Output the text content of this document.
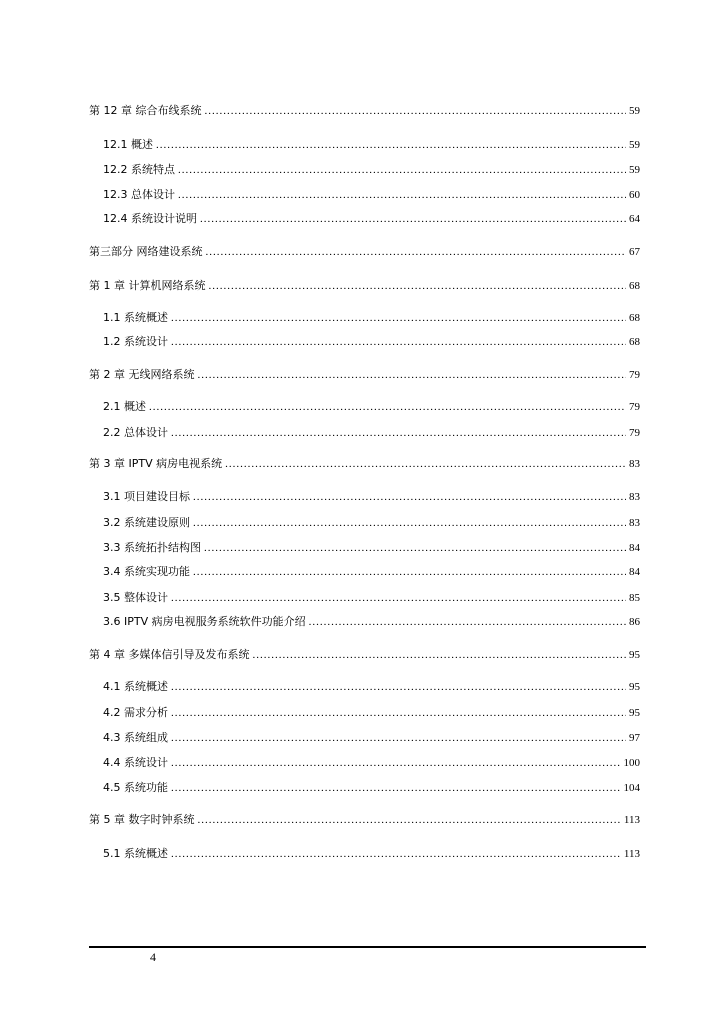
第 12 章 综合布线系统 .....	59
12.1 概述 .....	59
12.2 系统特点 .....	59
12.3 总体设计 .....	60
12.4 系统设计说明 .....	64
第三部分 网络建设系统 .....	67
第 1 章 计算机网络系统 .....	68
1.1 系统概述 .....	68
1.2 系统设计 .....	68
第 2 章 无线网络系统 .....	79
2.1 概述 .....	79
2.2 总体设计 .....	79
第 3 章 IPTV 病房电视系统 .....	83
3.1 项目建设目标 .....	83
3.2 系统建设原则 .....	83
3.3 系统拓扑结构图 .....	84
3.4 系统实现功能 .....	84
3.5 整体设计 .....	85
3.6 IPTV 病房电视服务系统软件功能介绍 .....	86
第 4 章 多媒体信引导及发布系统 .....	95
4.1 系统概述 .....	95
4.2 需求分析 .....	95
4.3 系统组成 .....	97
4.4 系统设计 .....	100
4.5 系统功能 .....	104
第 5 章 数字时钟系统 .....	113
5.1 系统概述 .....	113
4
